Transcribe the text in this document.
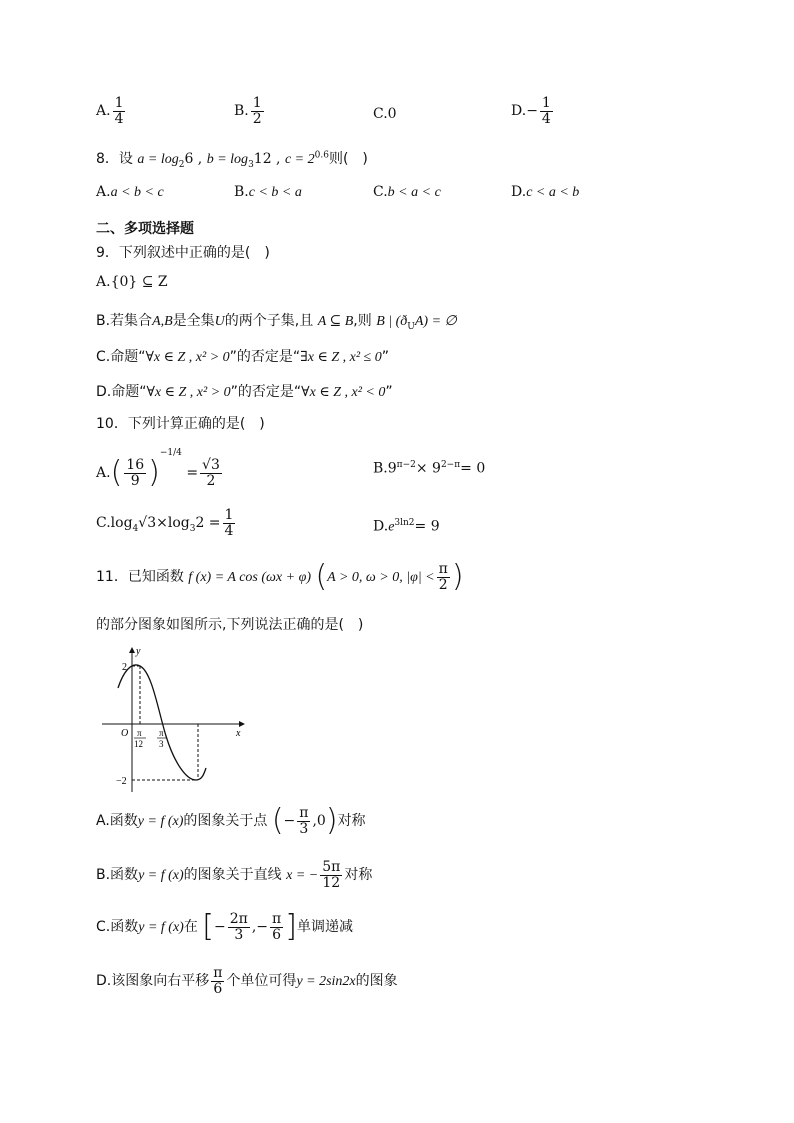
A. $\frac{1}{4}$	B. $\frac{1}{2}$	C.0	$D.- \frac{1}{4}$
8．设 $a = \log_26$ , $b = \log_312$ , $c = 2^{0.6}$则(　)
A.a < b < c	B.c < b < a	C.b < a < c	D.c < a < b
二、多项选择题
9．下列叙述中正确的是(　)
A.{0} ⊆ Z
B.若集合A,B是全集U的两个子集,且 A ⊆ B,则 B | $(ð_UA)$ = ∅
C.命题“∀x ∈ Z , x² > 0”的否定是“∃x ∈ Z , x² ≤ 0”
D.命题“∀x ∈ Z , x² > 0”的否定是“∀x ∈ Z , x² < 0”
10．下列计算正确的是(　)
$A.( \frac{16}{9} )^{-1/4} = \frac{√3}{2}$	$B.9^{\pi-2}\times 9^{2-\pi}= 0$
$C.\log_4√3\times\log_32 = \frac{1}{4}$	$D.e^{3ln2}= 9$
11．已知函数 f (x) = A cos (ωx + φ) (A > 0, ω > 0, $|\varphi| < \frac{\pi}{2}$ )
的部分图象如图所示,下列说法正确的是(　)
y
x
O
2
−2
π
12
π
3
A.函数y = f (x)的图象关于点 (− $\frac{\pi}{3} ,0$)对称
B.函数y = f (x)的图象关于直线 x = − $\frac{5\pi}{12}$ 对称
C.函数y = f (x)在 [− $\frac{2\pi}{3}$ ,− $\frac{\pi}{6}$ ]单调递减
D.该图象向右平移 $\frac{\pi}{6}$ 个单位可得y = 2sin2x的图象
